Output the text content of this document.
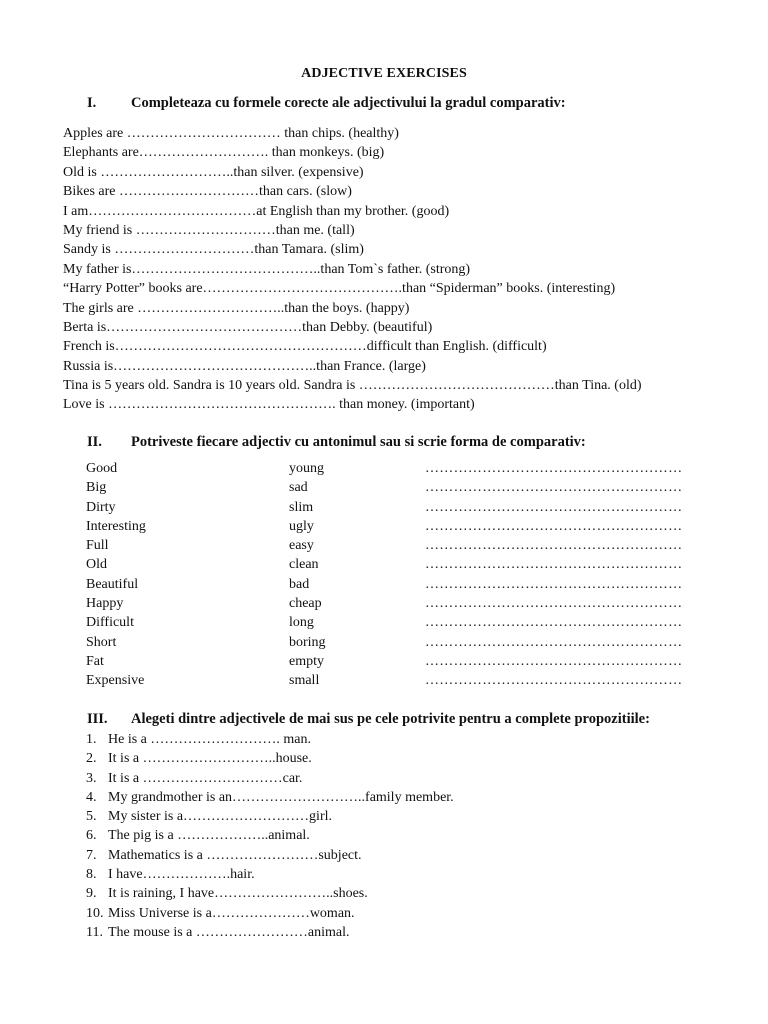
ADJECTIVE EXERCISES
I. Completeaza cu formele corecte ale adjectivului la gradul comparativ:
Apples are …………………………… than chips. (healthy)
Elephants are………………………. than monkeys. (big)
Old is ………………………..than silver. (expensive)
Bikes are …………………………than cars. (slow)
I am………………………………at English than my brother. (good)
My friend is …………………………than me. (tall)
Sandy is …………………………than Tamara. (slim)
My father is…………………………………..than Tom`s father. (strong)
“Harry Potter” books are…………………………………….than “Spiderman” books. (interesting)
The girls are …………………………..than the boys. (happy)
Berta is……………………………………than Debby. (beautiful)
French is………………………………………………difficult than English. (difficult)
Russia is……………………………………..than France. (large)
Tina is 5 years old. Sandra is 10 years old. Sandra is ……………………………………than Tina. (old)
Love is …………………………………………. than money. (important)
II. Potriveste fiecare adjectiv cu antonimul sau si scrie forma de comparativ:
Good	young	………………………………………………
Big	sad	………………………………………………
Dirty	slim	………………………………………………
Interesting	ugly	………………………………………………
Full	easy	………………………………………………
Old	clean	………………………………………………
Beautiful	bad	………………………………………………
Happy	cheap	………………………………………………
Difficult	long	………………………………………………
Short	boring	………………………………………………
Fat	empty	………………………………………………
Expensive	small	………………………………………………
III. Alegeti dintre adjectivele de mai sus pe cele potrivite pentru a complete propozitiile:
1. He is a ………………………. man.
2. It is a ………………………..house.
3. It is a …………………………car.
4. My grandmother is an………………………..family member.
5. My sister is a………………………girl.
6. The pig is a ………………..animal.
7. Mathematics is a ……………………subject.
8. I have……………….hair.
9. It is raining, I have……………………..shoes.
10. Miss Universe is a…………………woman.
11. The mouse is a ……………………animal.
